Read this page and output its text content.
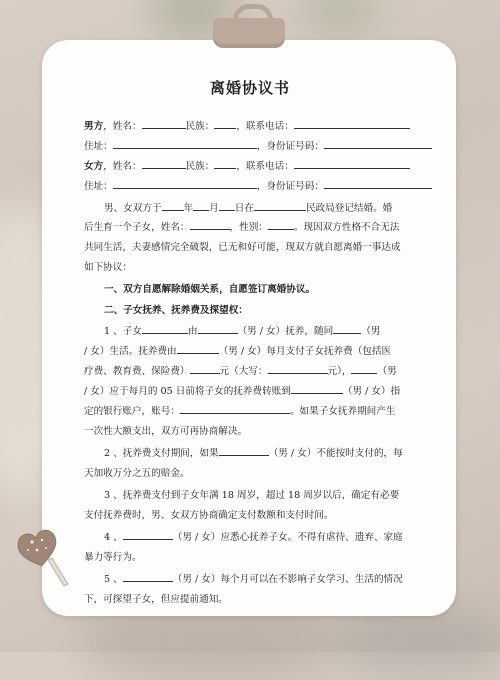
离婚协议书
男方，姓名：	民族： ，联系电话：
住址：	，身份证号码：
女方，姓名：	民族： ，联系电话：
住址：	，身份证号码：
男、女双方于 年 月 日在	民政局登记结婚。婚
后生育一个子女，姓名：	，性别：	。现因双方性格不合无法
共同生活，夫妻感情完全破裂，已无和好可能，现双方就自愿离婚一事达成
如下协议：
一、双方自愿解除婚姻关系，自愿签订离婚协议。
二、子女抚养、抚养费及探望权：
1 、子女	由	（男 / 女）抚养，随同	（男
/ 女）生活。抚养费由	（男 / 女）每月支付子女抚养费（包括医
疗费、教育费、保险费）	元（大写：	元），	（男
/ 女）应于每月的 05 日前将子女的抚养费转账到	（男 / 女）指
定的银行账户，账号：	。如果子女抚养期间产生
一次性大额支出，双方可再协商解决。
2 、抚养费支付期间，如果	（男 / 女）不能按时支付的，每
天加收万分之五的赔金。
3 、抚养费支付到子女年满 18 周岁，超过 18 周岁以后，确定有必要
支付抚养费时，男、女双方协商确定支付数额和支付时间。
4 、	（男 / 女）应悉心抚养子女。不得有虐待、遗弃、家庭
暴力等行为。
5 、	（男 / 女）每个月可以在不影响子女学习、生活的情况
下，可探望子女，但应提前通知。
